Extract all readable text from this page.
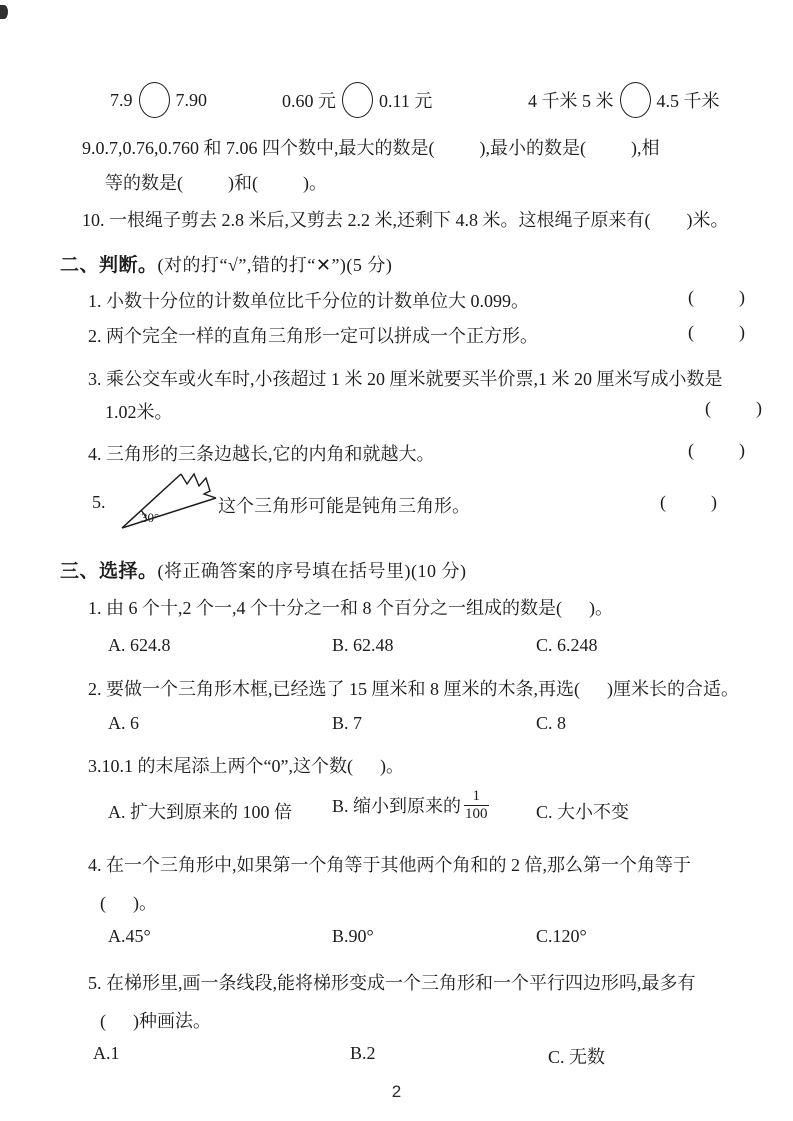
7.9 7.90	0.60 元 0.11 元	4 千米 5 米 4.5 千米
9.0.7,0.76,0.760 和 7.06 四个数中,最大的数是(          ),最小的数是(          ),相
等的数是(          )和(          )。
10. 一根绳子剪去 2.8 米后,又剪去 2.2 米,还剩下 4.8 米。这根绳子原来有(        )米。
二、判断。(对的打“√”,错的打“✕”)(5 分)
1. 小数十分位的计数单位比千分位的计数单位大 0.099。	(        )
2. 两个完全一样的直角三角形一定可以拼成一个正方形。	(        )
3. 乘公交车或火车时,小孩超过 1 米 20 厘米就要买半价票,1 米 20 厘米写成小数是
1.02米。	(        )
4. 三角形的三条边越长,它的内角和就越大。	(        )
5.
30°
这个三角形可能是钝角三角形。	(        )
三、选择。(将正确答案的序号填在括号里)(10 分)
1. 由 6 个十,2 个一,4 个十分之一和 8 个百分之一组成的数是(      )。
A. 624.8	B. 62.48	C. 6.248
2. 要做一个三角形木框,已经选了 15 厘米和 8 厘米的木条,再选(      )厘米长的合适。
A. 6	B. 7	C. 8
3.10.1 的末尾添上两个“0”,这个数(      )。
A. 扩大到原来的 100 倍 B. 缩小到原来的 $\frac{1}{100}$	C. 大小不变
4. 在一个三角形中,如果第一个角等于其他两个角和的 2 倍,那么第一个角等于
(      )。
A.45°	B.90°	C.120°
5. 在梯形里,画一条线段,能将梯形变成一个三角形和一个平行四边形吗,最多有
(      )种画法。
A.1	B.2	C. 无数
2
